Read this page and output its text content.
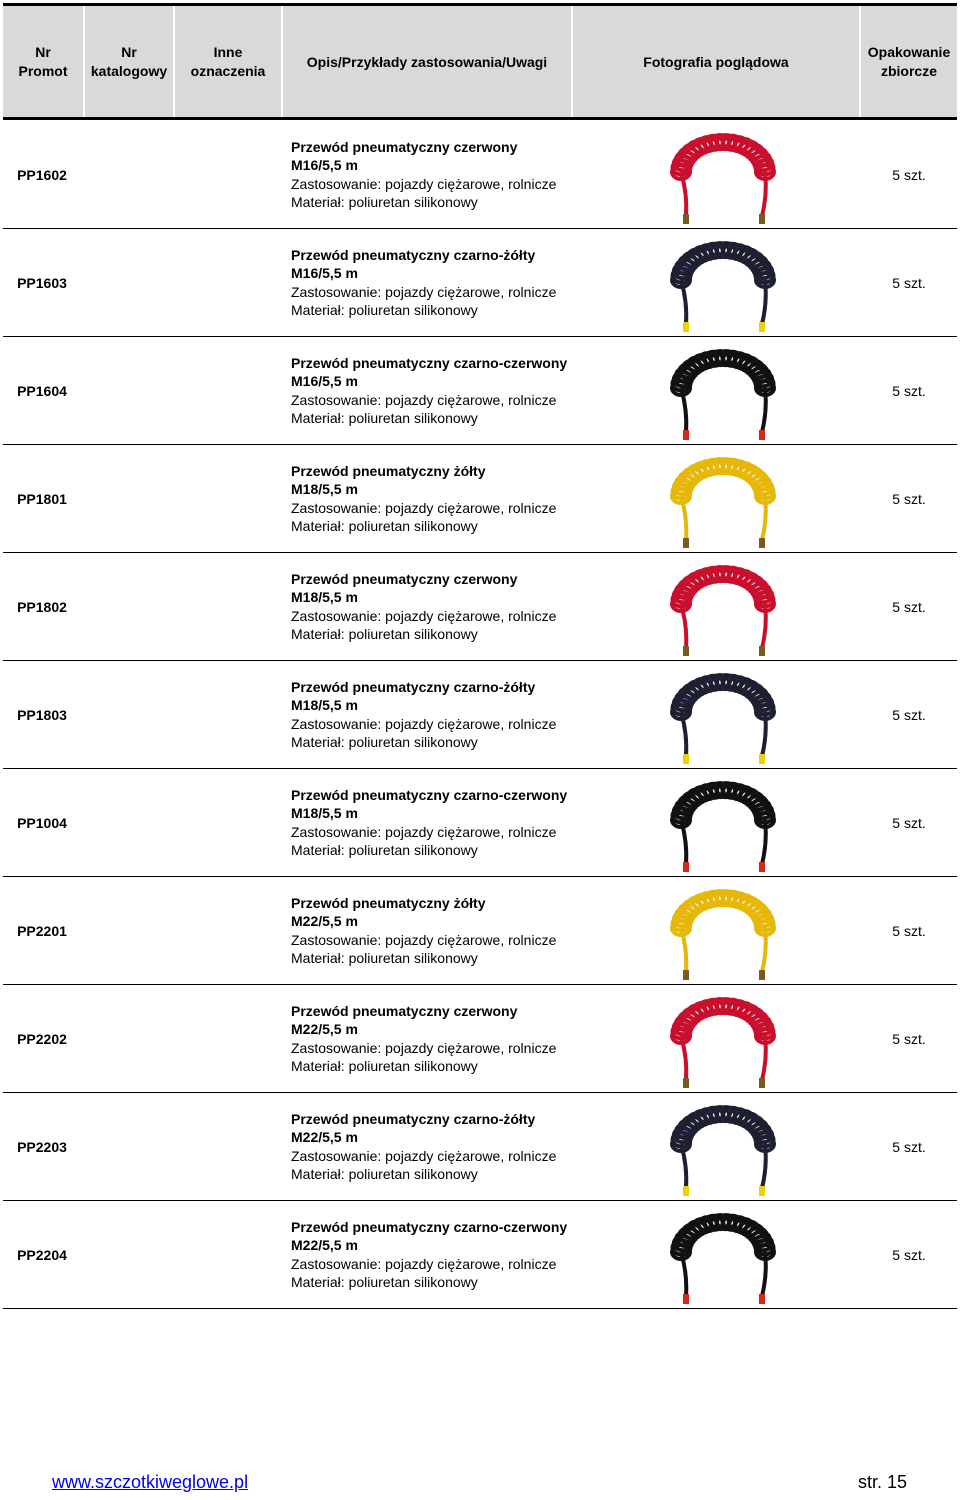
Nr
Promot
Nr
katalogowy
Inne
oznaczenia
Opis/Przykłady zastosowania/Uwagi	Fotografia poglądowa
Opakowanie
zbiorcze
PP1602
Przewód pneumatyczny czerwony
M16/5,5 m
Zastosowanie: pojazdy ciężarowe, rolnicze
Materiał: poliuretan silikonowy
5 szt.
PP1603
Przewód pneumatyczny czarno-żółty
M16/5,5 m
Zastosowanie: pojazdy ciężarowe, rolnicze
Materiał: poliuretan silikonowy
5 szt.
PP1604
Przewód pneumatyczny czarno-czerwony
M16/5,5 m
Zastosowanie: pojazdy ciężarowe, rolnicze
Materiał: poliuretan silikonowy
5 szt.
PP1801
Przewód pneumatyczny żółty
M18/5,5 m
Zastosowanie: pojazdy ciężarowe, rolnicze
Materiał: poliuretan silikonowy
5 szt.
PP1802
Przewód pneumatyczny czerwony
M18/5,5 m
Zastosowanie: pojazdy ciężarowe, rolnicze
Materiał: poliuretan silikonowy
5 szt.
PP1803
Przewód pneumatyczny czarno-żółty
M18/5,5 m
Zastosowanie: pojazdy ciężarowe, rolnicze
Materiał: poliuretan silikonowy
5 szt.
PP1004
Przewód pneumatyczny czarno-czerwony
M18/5,5 m
Zastosowanie: pojazdy ciężarowe, rolnicze
Materiał: poliuretan silikonowy
5 szt.
PP2201
Przewód pneumatyczny żółty
M22/5,5 m
Zastosowanie: pojazdy ciężarowe, rolnicze
Materiał: poliuretan silikonowy
5 szt.
PP2202
Przewód pneumatyczny czerwony
M22/5,5 m
Zastosowanie: pojazdy ciężarowe, rolnicze
Materiał: poliuretan silikonowy
5 szt.
PP2203
Przewód pneumatyczny czarno-żółty
M22/5,5 m
Zastosowanie: pojazdy ciężarowe, rolnicze
Materiał: poliuretan silikonowy
5 szt.
PP2204
Przewód pneumatyczny czarno-czerwony
M22/5,5 m
Zastosowanie: pojazdy ciężarowe, rolnicze
Materiał: poliuretan silikonowy
5 szt.
www.szczotkiweglowe.pl	str. 15
